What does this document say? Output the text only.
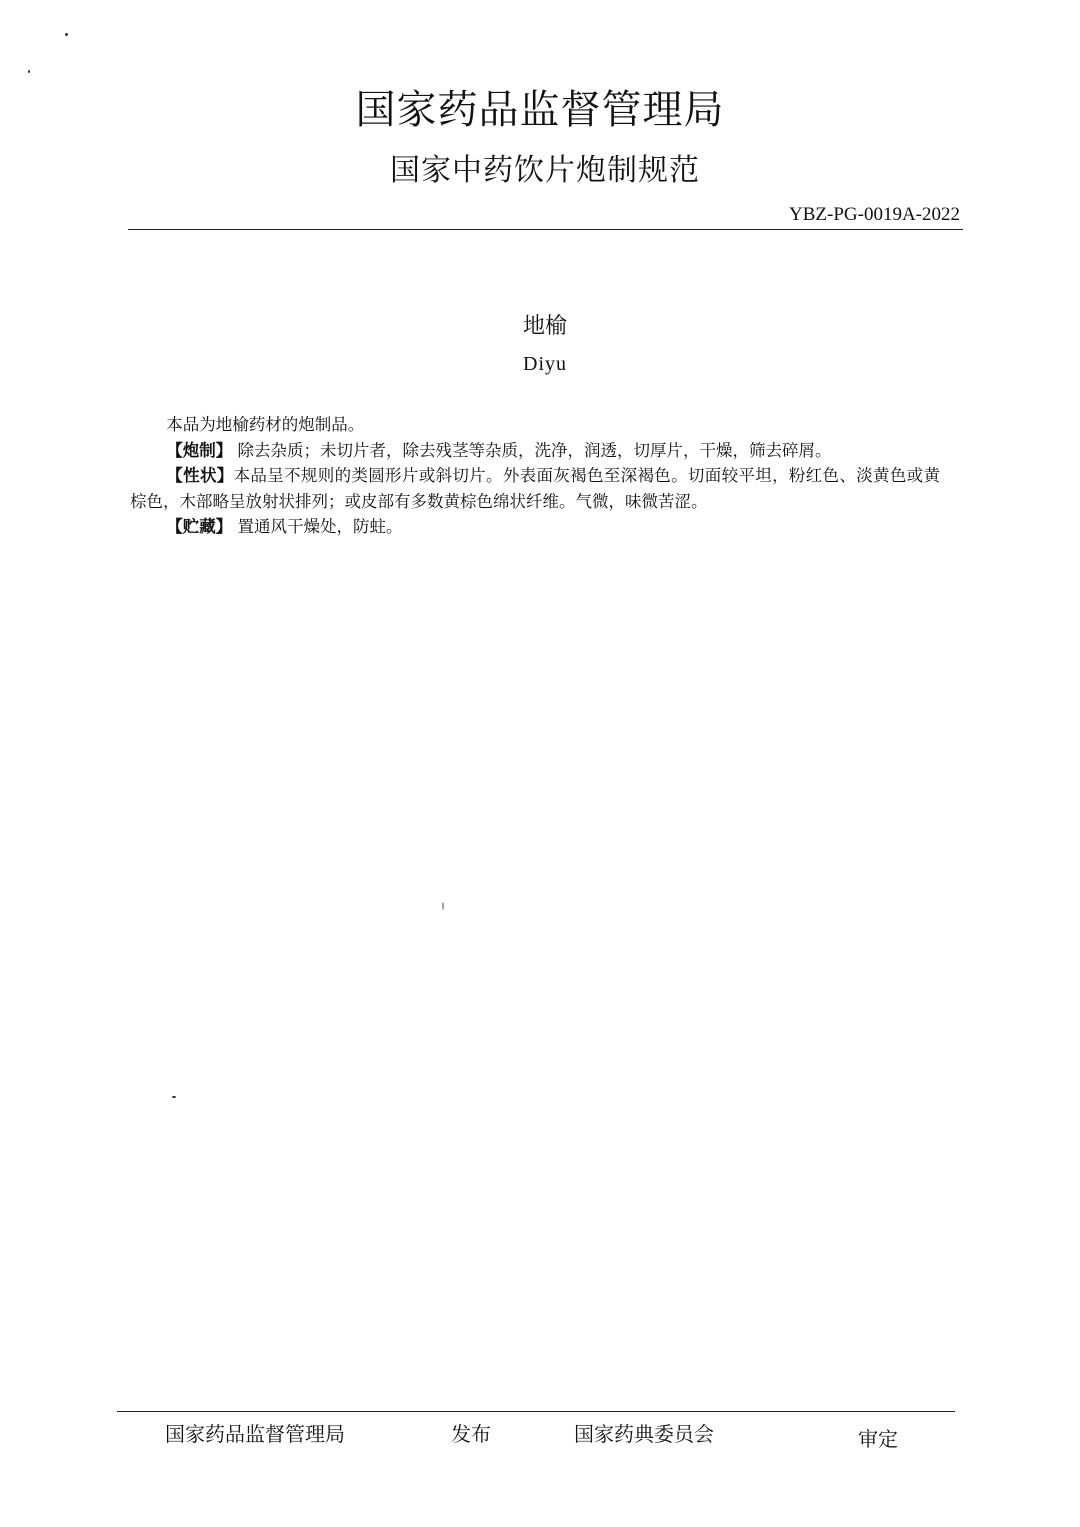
国家药品监督管理局
国家中药饮片炮制规范
YBZ-PG-0019A-2022
地榆
Diyu

本品为地榆药材的炮制品。

【炮制】 除去杂质；未切片者，除去残茎等杂质，洗净，润透，切厚片，干燥，筛去碎屑。

【性状】本品呈不规则的类圆形片或斜切片。外表面灰褐色至深褐色。切面较平坦，粉红色、淡黄色或黄棕色，木部略呈放射状排列；或皮部有多数黄棕色绵状纤维。气微，味微苦涩。

【贮藏】 置通风干燥处，防蛀。

国家药品监督管理局	发布	国家药典委员会	审定
